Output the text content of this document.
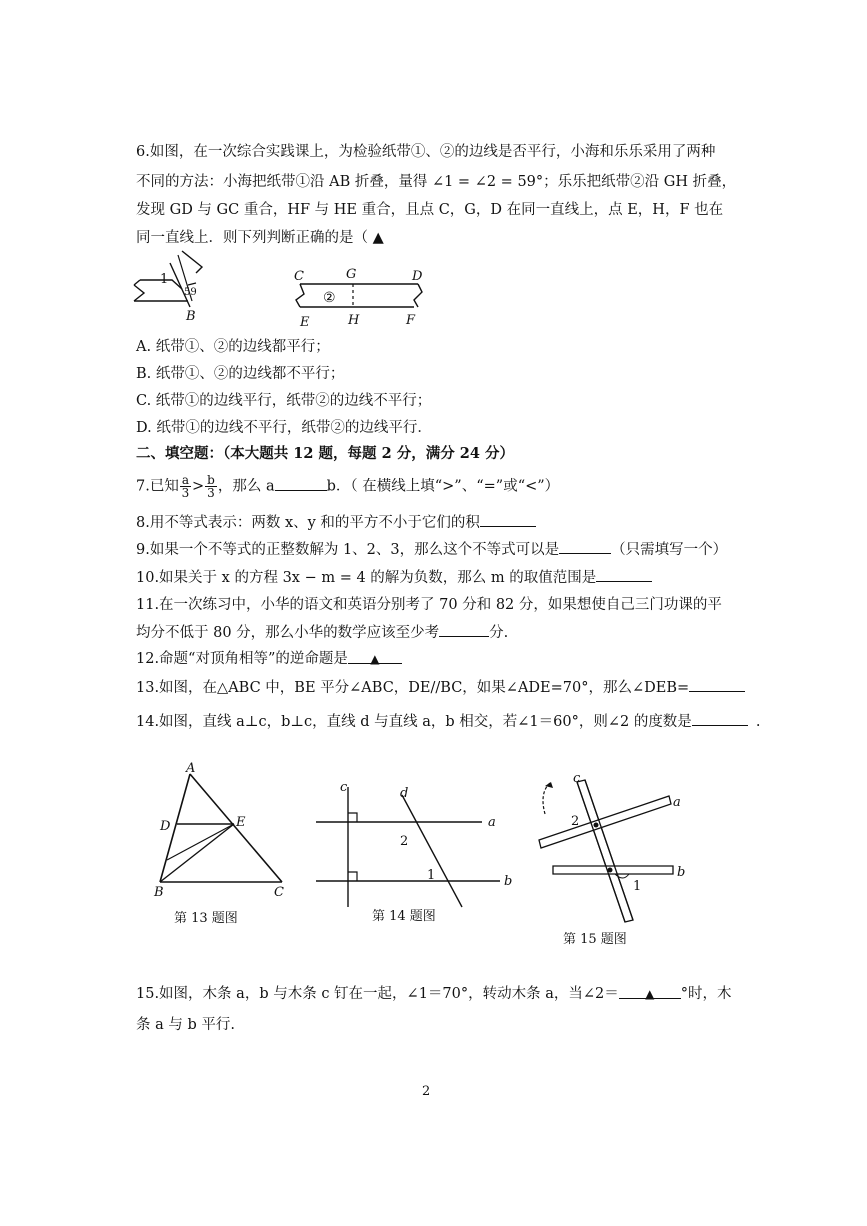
6.如图，在一次综合实践课上，为检验纸带①、②的边线是否平行，小海和乐乐采用了两种
不同的方法：小海把纸带①沿 AB 折叠，量得 ∠1 = ∠2 = 59°；乐乐把纸带②沿 GH 折叠，
发现 GD 与 GC 重合，HF 与 HE 重合，且点 C，G，D 在同一直线上，点 E，H，F 也在
同一直线上．则下列判断正确的是（ ▲
1
59
B
C	G	D
E	H	F
②
A. 纸带①、②的边线都平行；
B. 纸带①、②的边线都不平行；
C. 纸带①的边线平行，纸带②的边线不平行；
D. 纸带①的边线不平行，纸带②的边线平行．
二、填空题：（本大题共 12 题，每题 2 分，满分 24 分）
7.已知 $\frac{a}{3} > \frac{b}{3}$ ，那么 a	b．（ 在横线上填“>”、“=”或“<”）
8.用不等式表示：两数 x、y 和的平方不小于它们的积
9.如果一个不等式的正整数解为 1、2、3，那么这个不等式可以是	（只需填写一个）
10.如果关于 x 的方程 3x − m = 4 的解为负数，那么 m 的取值范围是
11.在一次练习中，小华的语文和英语分别考了 70 分和 82 分，如果想使自己三门功课的平
均分不低于 80 分，那么小华的数学应该至少考	分.
12.命题“对顶角相等”的逆命题是 ▲
13.如图，在△ABC 中，BE 平分∠ABC，DE//BC，如果∠ADE=70°，那么∠DEB=
14.如图，直线 a⊥c，b⊥c，直线 d 与直线 a，b 相交，若∠1＝60°，则∠2 的度数是	.
A
D	E
B	C
第 13 题图
c	d
a
b
2
1
第 14 题图
c
a
b
2
1
第 15 题图
15.如图，木条 a，b 与木条 c 钉在一起，∠1＝70°，转动木条 a，当∠2＝ ▲ °时，木
条 a 与 b 平行.
2
